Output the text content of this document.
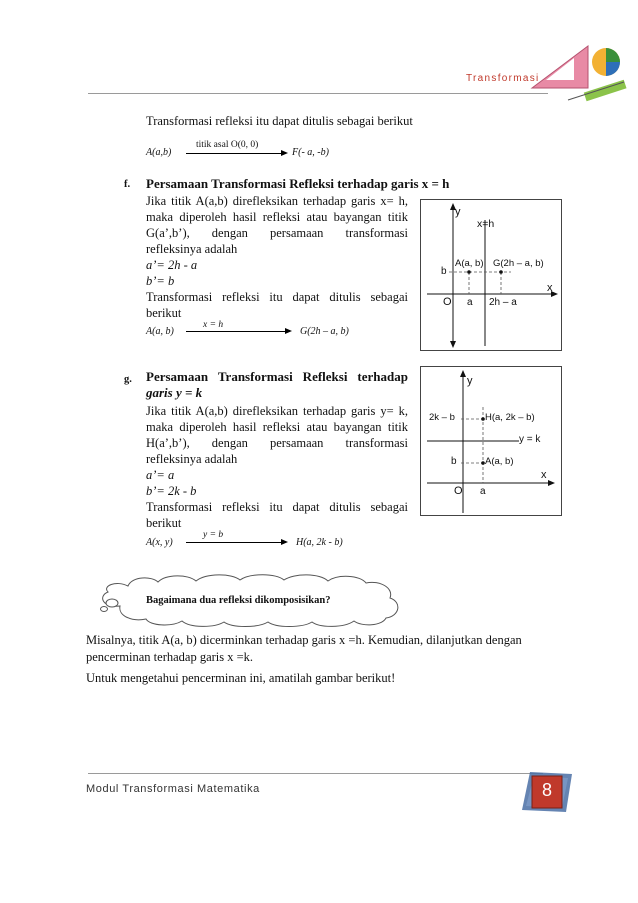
Transformasi
Transformasi refleksi itu dapat ditulis sebagai berikut
A(a,b)
titik asal O(0, 0)
F(- a, -b)
f. Persamaan Transformasi Refleksi terhadap garis x = h
Jika titik A(a,b) direfleksikan terhadap garis x= h,
maka diperoleh hasil refleksi atau bayangan titik
G(a’,b’), dengan persamaan transformasi
refleksinya adalah
a’= 2h - a
b’= b
Transformasi refleksi itu dapat ditulis sebagai
berikut
A(a, b)
x = h
G(2h – a, b)
y
x
x=h
A(a, b) G(2h – a, b)
b
O a 2h – a
g. Persamaan Transformasi Refleksi terhadap
garis y = k
Jika titik A(a,b) direfleksikan terhadap garis y= k,
maka diperoleh hasil refleksi atau bayangan titik
H(a’,b’), dengan persamaan transformasi
refleksinya adalah
a’= a
b’= 2k - b
Transformasi refleksi itu dapat ditulis sebagai
berikut
A(x, y)
y = b
H(a, 2k - b)
y
x
y = k
H(a, 2k – b)
A(a, b)
2k – b
b
O a
Bagaimana dua refleksi dikomposisikan?
Misalnya, titik A(a, b) dicerminkan terhadap garis x =h. Kemudian, dilanjutkan dengan
pencerminan terhadap garis x =k.
Untuk mengetahui pencerminan ini, amatilah gambar berikut!
Modul Transformasi Matematika	8
